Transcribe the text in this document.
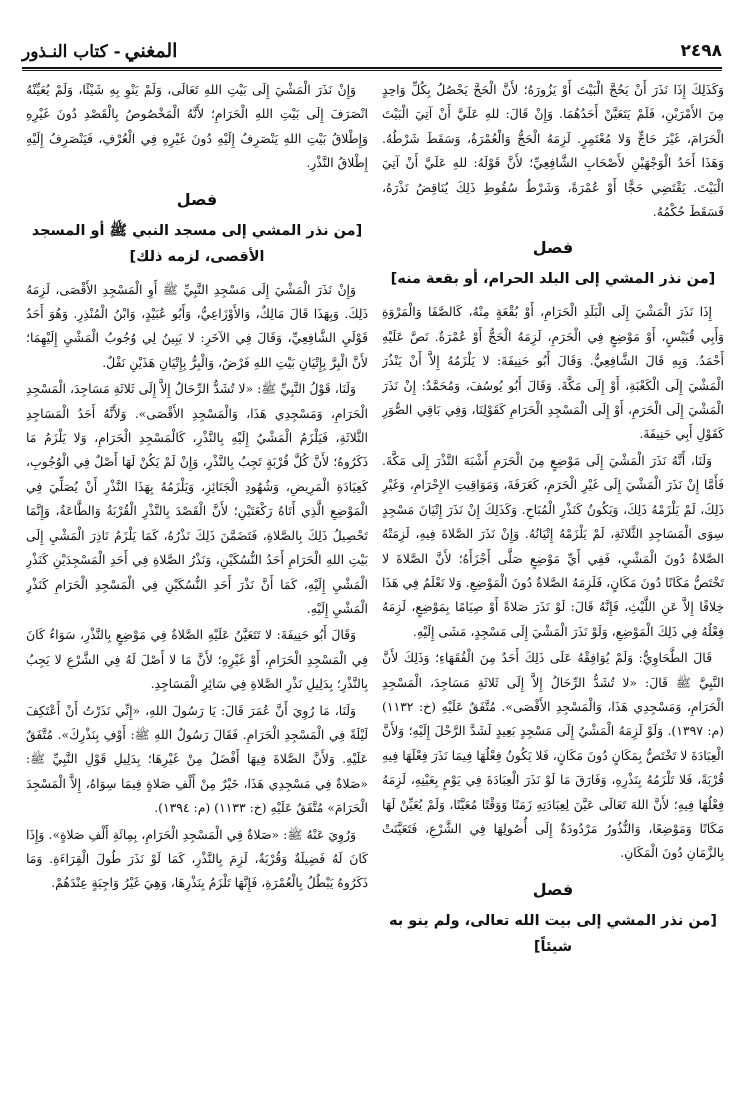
٢٤٩٨
المغني- كتاب النـذور

وَكَذَلِكَ إِذَا نَذَرَ أَنْ يَحُجَّ الْبَيْتَ أَوْ يَزُورَهُ؛ لأَنَّ الْحَجَّ يَحْصُلُ بِكُلِّ وَاحِدٍ مِنَ الأَمْرَيْنِ، فَلَمْ يَتَعَيَّنْ أَحَدُهُمَا. وَإِنْ قَالَ: للهِ عَلَيَّ أَنْ آتِيَ الْبَيْتَ الْحَرَامَ، غَيْرَ حَاجٍّ وَلا مُعْتَمِرٍ. لَزِمَهُ الْحَجُّ وَالْعُمْرَةُ، وَسَقَطَ شَرْطُهُ. وَهَذَا أَحَدُ الْوَجْهَيْنِ لأَصْحَابِ الشَّافِعِيِّ؛ لأَنَّ قَوْلَهُ: للهِ عَلَيَّ أَنْ آتِيَ الْبَيْتَ. يَقْتَضِي حَجًّا أَوْ عُمْرَةً، وَشَرْطُ سُقُوطِ ذَلِكَ يُنَاقِضُ نَذْرَهُ، فَسَقَطَ حُكْمُهُ.

فصل
[من نذر المشي إلى البلد الحرام، أو بقعة منه]

إِذَا نَذَرَ الْمَشْيَ إِلَى الْبَلَدِ الْحَرَامِ، أَوْ بُقْعَةٍ مِنْهُ، كَالصَّفَا وَالْمَرْوَةِ وَأَبِي قُبَيْسٍ، أَوْ مَوْضِعٍ فِي الْحَرَمِ، لَزِمَهُ الْحَجُّ أَوْ عُمْرَةٌ. نَصَّ عَلَيْهِ أَحْمَدُ. وَبِهِ قَالَ الشَّافِعِيُّ. وَقَالَ أَبُو حَنِيفَةَ: لا يَلْزَمُهُ إِلاَّ أَنْ يَنْذُرَ الْمَشْيَ إِلَى الْكَعْبَةِ، أَوْ إِلَى مَكَّةَ. وَقَالَ أَبُو يُوسُفَ، وَمُحَمَّدٌ: إِنْ نَذَرَ الْمَشْيَ إِلَى الْحَرَمِ، أَوْ إِلَى الْمَسْجِدِ الْحَرَامِ كَقَوْلِنَا، وَفِي بَاقِي الصُّوَرِ كَقَوْلِ أَبِي حَنِيفَةَ.

وَلَنَا، أَنَّهُ نَذَرَ الْمَشْيَ إِلَى مَوْضِعٍ مِنَ الْحَرَمِ أَشْبَهَ النَّذْرَ إِلَى مَكَّةَ. فَأَمَّا إِنْ نَذَرَ الْمَشْيَ إِلَى غَيْرِ الْحَرَمِ، كَعَرَفَةَ، وَمَوَاقِيتِ الإِحْرَامِ، وَغَيْرِ ذَلِكَ، لَمْ يَلْزَمْهُ ذَلِكَ، وَيَكُونُ كَنَذْرِ الْمُبَاحِ. وَكَذَلِكَ إِنْ نَذَرَ إِتْيَانَ مَسْجِدٍ سِوَى الْمَسَاجِدِ الثَّلاثَةِ، لَمْ يَلْزَمْهُ إِتْيَانُهُ. وَإِنْ نَذَرَ الصَّلاةَ فِيهِ، لَزِمَتْهُ الصَّلاةُ دُونَ الْمَشْيِ، فَفِي أَيِّ مَوْضِعٍ صَلَّى أَجْزَأَهُ؛ لأَنَّ الصَّلاةَ لا تَخْتَصُّ مَكَانًا دُونَ مَكَانٍ، فَلَزِمَهُ الصَّلاةُ دُونَ الْمَوْضِعِ. وَلا نَعْلَمُ فِي هَذَا خِلافًا إِلاَّ عَنِ اللَّيْثِ، فَإِنَّهُ قَالَ: لَوْ نَذَرَ صَلاةً أَوْ صِيَامًا بِمَوْضِعٍ، لَزِمَهُ فِعْلُهُ فِي ذَلِكَ الْمَوْضِعِ، وَلَوْ نَذَرَ الْمَشْيَ إِلَى مَسْجِدٍ، مَشَى إِلَيْهِ.

قَالَ الطَّحَاوِيُّ: وَلَمْ يُوَافِقْهُ عَلَى ذَلِكَ أَحَدٌ مِنَ الْفُقَهَاءِ؛ وَذَلِكَ لأَنَّ النَّبِيَّ ﷺ قَالَ: «لا تُشَدُّ الرِّحَالُ إِلاَّ إِلَى ثَلاثَةِ مَسَاجِدَ، الْمَسْجِدِ الْحَرَامِ، وَمَسْجِدِي هَذَا، وَالْمَسْجِدِ الأَقْصَى». مُتَّفَقٌ عَلَيْهِ (خ: ١١٣٢) (م: ١٣٩٧). وَلَوْ لَزِمَهُ الْمَشْيُ إِلَى مَسْجِدٍ بَعِيدٍ لَشَدَّ الرَّحْلَ إِلَيْهِ؛ وَلأَنَّ الْعِبَادَةَ لا تَخْتَصُّ بِمَكَانٍ دُونَ مَكَانٍ، فَلا يَكُونُ فِعْلُهَا فِيمَا نَذَرَ فِعْلَهَا فِيهِ قُرْبَةً، فَلا تَلْزَمُهُ بِنَذْرِهِ، وَفَارَقَ مَا لَوْ نَذَرَ الْعِبَادَةَ فِي يَوْمٍ بِعَيْنِهِ، لَزِمَهُ فِعْلُهَا فِيهِ؛ لأَنَّ اللهَ تَعَالَى عَيَّنَ لِعِبَادَتِهِ زَمَنًا وَوَقْتًا مُعَيَّنًا، وَلَمْ يُعَيِّنْ لَهَا مَكَانًا وَمَوْضِعًا، وَالنُّذُورُ مَرْدُودَةٌ إِلَى أُصُولِهَا فِي الشَّرْعِ، فَتَعَيَّنَتْ بِالزَّمَانِ دُونَ الْمَكَانِ.

فصل
[من نذر المشي إلى بيت الله تعالى، ولم ينو به شيئاً]

وَإِنْ نَذَرَ الْمَشْيَ إِلَى بَيْتِ اللهِ تَعَالَى، وَلَمْ يَنْوِ بِهِ شَيْئًا، وَلَمْ يُعَيِّنْهُ انْصَرَفَ إِلَى بَيْتِ اللهِ الْحَرَامِ؛ لأَنَّهُ الْمَخْصُوصُ بِالْقَصْدِ دُونَ غَيْرِهِ وَإِطْلاقُ بَيْتِ اللهِ يَنْصَرِفُ إِلَيْهِ دُونَ غَيْرِهِ فِي الْعُرْفِ، فَيَنْصَرِفُ إِلَيْهِ إِطْلاقُ النَّذْرِ.

فصل
[من نذر المشي إلى مسجد النبي ﷺ أو المسجد الأقصى، لزمه ذلك]

وَإِنْ نَذَرَ الْمَشْيَ إِلَى مَسْجِدِ النَّبِيِّ ﷺ أَوِ الْمَسْجِدِ الأَقْصَى، لَزِمَهُ ذَلِكَ. وَبِهَذَا قَالَ مَالِكٌ، وَالأَوْزَاعِيُّ، وَأَبُو عُبَيْدٍ، وَابْنُ الْمُنْذِرِ. وَهُوَ أَحَدُ قَوْلَيِ الشَّافِعِيِّ، وَقَالَ فِي الآخَرِ: لا يَبِينُ لِي وُجُوبُ الْمَشْيِ إِلَيْهِمَا؛ لأَنَّ الْبِرَّ بِإِتْيَانِ بَيْتِ اللهِ فَرْضٌ، وَالْبِرُّ بِإِتْيَانِ هَذَيْنِ نَفْلٌ.

وَلَنَا، قَوْلُ النَّبِيِّ ﷺ: «لا تُشَدُّ الرِّحَالُ إِلاَّ إِلَى ثَلاثَةِ مَسَاجِدَ، الْمَسْجِدِ الْحَرَامِ، وَمَسْجِدِي هَذَا، وَالْمَسْجِدِ الأَقْصَى». وَلأَنَّهُ أَحَدُ الْمَسَاجِدِ الثَّلاثَةِ، فَيَلْزَمُ الْمَشْيُ إِلَيْهِ بِالنَّذْرِ، كَالْمَسْجِدِ الْحَرَامِ، وَلا يَلْزَمُ مَا ذَكَرُوهُ؛ لأَنَّ كُلَّ قُرْبَةٍ تَجِبُ بِالنَّذْرِ، وَإِنْ لَمْ يَكُنْ لَهَا أَصْلٌ فِي الْوُجُوبِ، كَعِيَادَةِ الْمَرِيضِ، وَشُهُودِ الْجَنَائِزِ، وَيَلْزَمُهُ بِهَذَا النَّذْرِ أَنْ يُصَلِّيَ فِي الْمَوْضِعِ الَّذِي أَتَاهُ رَكْعَتَيْنِ؛ لأَنَّ الْقَصْدَ بِالنَّذْرِ الْقُرْبَةُ وَالطَّاعَةُ، وَإِنَّمَا تَحْصِيلُ ذَلِكَ بِالصَّلاةِ، فَتَضَمَّنَ ذَلِكَ نَذْرُهُ، كَمَا يَلْزَمُ نَاذِرَ الْمَشْيِ إِلَى بَيْتِ اللهِ الْحَرَامِ أَحَدُ النُّسُكَيْنِ، وَنَذْرُ الصَّلاةِ فِي أَحَدِ الْمَسْجِدَيْنِ كَنَذْرِ الْمَشْيِ إِلَيْهِ، كَمَا أَنَّ نَذْرَ أَحَدِ النُّسُكَيْنِ فِي الْمَسْجِدِ الْحَرَامِ كَنَذْرِ الْمَشْيِ إِلَيْهِ.

وَقَالَ أَبُو حَنِيفَةَ: لا تَتَعَيَّنُ عَلَيْهِ الصَّلاةُ فِي مَوْضِعٍ بِالنَّذْرِ، سَوَاءٌ كَانَ فِي الْمَسْجِدِ الْحَرَامِ، أَوْ غَيْرِهِ؛ لأَنَّ مَا لا أَصْلَ لَهُ فِي الشَّرْعِ لا يَجِبُ بِالنَّذْرِ؛ بِدَلِيلِ نَذْرِ الصَّلاةِ فِي سَائِرِ الْمَسَاجِدِ.

وَلَنَا، مَا رُوِيَ أَنَّ عُمَرَ قَالَ: يَا رَسُولَ اللهِ، «إِنِّي نَذَرْتُ أَنْ أَعْتَكِفَ لَيْلَةً فِي الْمَسْجِدِ الْحَرَامِ. فَقَالَ رَسُولُ اللهِ ﷺ: أَوْفِ بِنَذْرِكَ». مُتَّفَقٌ عَلَيْهِ. وَلأَنَّ الصَّلاةَ فِيهَا أَفْضَلُ مِنْ غَيْرِهَا؛ بِدَلِيلِ قَوْلِ النَّبِيِّ ﷺ: «صَلاةٌ فِي مَسْجِدِي هَذَا، خَيْرٌ مِنْ أَلْفِ صَلاةٍ فِيمَا سِوَاهُ، إِلاَّ الْمَسْجِدَ الْحَرَامَ» مُتَّفَقٌ عَلَيْهِ (خ: ١١٣٣) (م: ١٣٩٤).

وَرُوِيَ عَنْهُ ﷺ: «صَلاةٌ فِي الْمَسْجِدِ الْحَرَامِ، بِمِائَةِ أَلْفِ صَلاةٍ». وَإِذَا كَانَ لَهُ فَضِيلَةٌ وَقُرْبَةٌ، لَزِمَ بِالنَّذْرِ، كَمَا لَوْ نَذَرَ طُولَ الْقِرَاءَةِ. وَمَا ذَكَرُوهُ يَبْطُلُ بِالْعُمْرَةِ، فَإِنَّهَا تَلْزَمُ بِنَذْرِهَا، وَهِيَ غَيْرُ وَاجِبَةٍ عِنْدَهُمْ.
